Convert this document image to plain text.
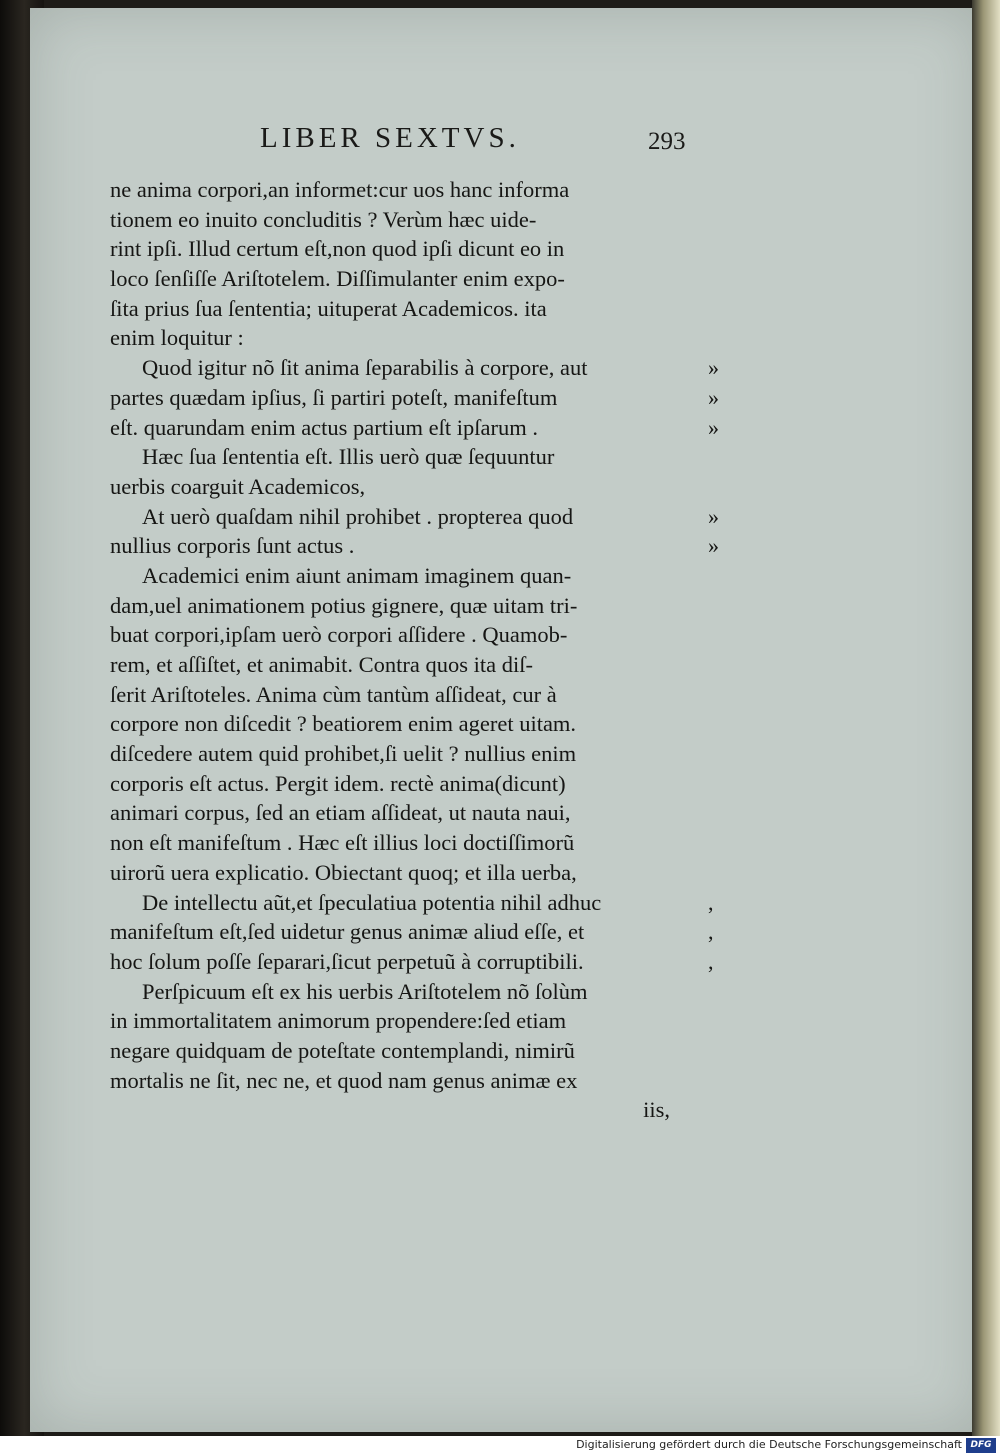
LIBER SEXTVS.	293
ne anima corpori,an informet:cur uos hanc informa
tionem eo inuito concluditis ? Verùm hæc uide-
rint ipſi. Illud certum eſt,non quod ipſi dicunt eo in
loco ſenſiſſe Ariſtotelem. Diſſimulanter enim expo-
ſita prius ſua ſententia; uituperat Academicos. ita
enim loquitur :
Quod igitur nõ ſit anima ſeparabilis à corpore, aut	»
partes quædam ipſius, ſi partiri poteſt, manifeſtum	»
eſt. quarundam enim actus partium eſt ipſarum .	»
Hæc ſua ſententia eſt. Illis uerò quæ ſequuntur
uerbis coarguit Academicos,
At uerò quaſdam nihil prohibet . propterea quod	»
nullius corporis ſunt actus .	»
Academici enim aiunt animam imaginem quan-
dam,uel animationem potius gignere, quæ uitam tri-
buat corpori,ipſam uerò corpori aſſidere . Quamob-
rem, et aſſiſtet, et animabit. Contra quos ita diſ-
ſerit Ariſtoteles. Anima cùm tantùm aſſideat, cur à
corpore non diſcedit ? beatiorem enim ageret uitam.
diſcedere autem quid prohibet,ſi uelit ? nullius enim
corporis eſt actus. Pergit idem. rectè anima(dicunt)
animari corpus, ſed an etiam aſſideat, ut nauta naui,
non eſt manifeſtum . Hæc eſt illius loci doctiſſimorũ
uirorũ uera explicatio. Obiectant quoq; et illa uerba,
De intellectu aũt,et ſpeculatiua potentia nihil adhuc	,
manifeſtum eſt,ſed uidetur genus animæ aliud eſſe, et	,
hoc ſolum poſſe ſeparari,ſicut perpetuũ à corruptibili.	,
Perſpicuum eſt ex his uerbis Ariſtotelem nõ ſolùm
in immortalitatem animorum propendere:ſed etiam
negare quidquam de poteſtate contemplandi, nimirũ
mortalis ne ſit, nec ne, et quod nam genus animæ ex
iis,
Digitalisierung gefördert durch die Deutsche Forschungsgemeinschaft DFG
